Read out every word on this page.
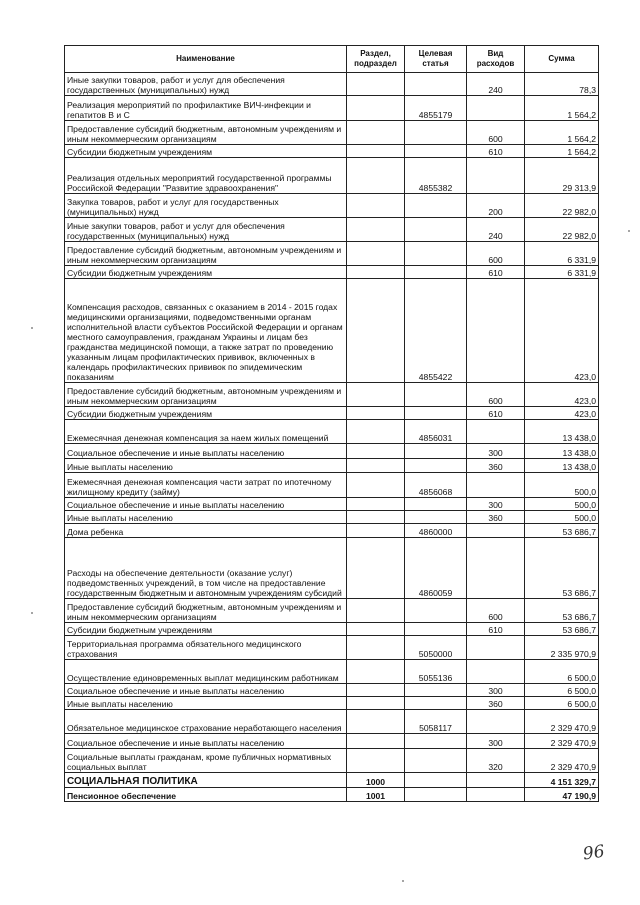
Наименование	Раздел, подраздел	Целевая статья	Вид расходов	Сумма
Иные закупки товаров, работ и услуг для обеспечения государственных (муниципальных) нужд			240	78,3
Реализация мероприятий по профилактике ВИЧ-инфекции и гепатитов В и С		4855179		1 564,2
Предоставление субсидий бюджетным, автономным учреждениям и иным некоммерческим организациям			600	1 564,2
Субсидии бюджетным учреждениям			610	1 564,2
Реализация отдельных мероприятий государственной программы Российской Федерации "Развитие здравоохранения"		4855382		29 313,9
Закупка товаров, работ и услуг для государственных (муниципальных) нужд			200	22 982,0
Иные закупки товаров, работ и услуг для обеспечения государственных (муниципальных) нужд			240	22 982,0
Предоставление субсидий бюджетным, автономным учреждениям и иным некоммерческим организациям			600	6 331,9
Субсидии бюджетным учреждениям			610	6 331,9
Компенсация расходов, связанных с оказанием в 2014 - 2015 годах медицинскими организациями, подведомственными органам исполнительной власти субъектов Российской Федерации и органам местного самоуправления, гражданам Украины и лицам без гражданства медицинской помощи, а также затрат по проведению указанным лицам профилактических прививок, включенных в календарь профилактических прививок по эпидемическим показаниям		4855422		423,0
Предоставление субсидий бюджетным, автономным учреждениям и иным некоммерческим организациям			600	423,0
Субсидии бюджетным учреждениям			610	423,0
Ежемесячная денежная компенсация за наем жилых помещений		4856031		13 438,0
Социальное обеспечение и иные выплаты населению			300	13 438,0
Иные выплаты населению			360	13 438,0
Ежемесячная денежная компенсация части затрат по ипотечному жилищному кредиту (займу)		4856068		500,0
Социальное обеспечение и иные выплаты населению			300	500,0
Иные выплаты населению			360	500,0
Дома ребенка		4860000		53 686,7
Расходы на обеспечение деятельности (оказание услуг) подведомственных учреждений, в том числе на предоставление государственным бюджетным и автономным учреждениям субсидий		4860059		53 686,7
Предоставление субсидий бюджетным, автономным учреждениям и иным некоммерческим организациям			600	53 686,7
Субсидии бюджетным учреждениям			610	53 686,7
Территориальная программа обязательного медицинского страхования		5050000		2 335 970,9
Осуществление единовременных выплат медицинским работникам		5055136		6 500,0
Социальное обеспечение и иные выплаты населению			300	6 500,0
Иные выплаты населению			360	6 500,0
Обязательное медицинское страхование неработающего населения		5058117		2 329 470,9
Социальное обеспечение и иные выплаты населению			300	2 329 470,9
Социальные выплаты гражданам, кроме публичных нормативных социальных выплат			320	2 329 470,9
СОЦИАЛЬНАЯ ПОЛИТИКА	1000			4 151 329,7
Пенсионное обеспечение	1001			47 190,9
96
